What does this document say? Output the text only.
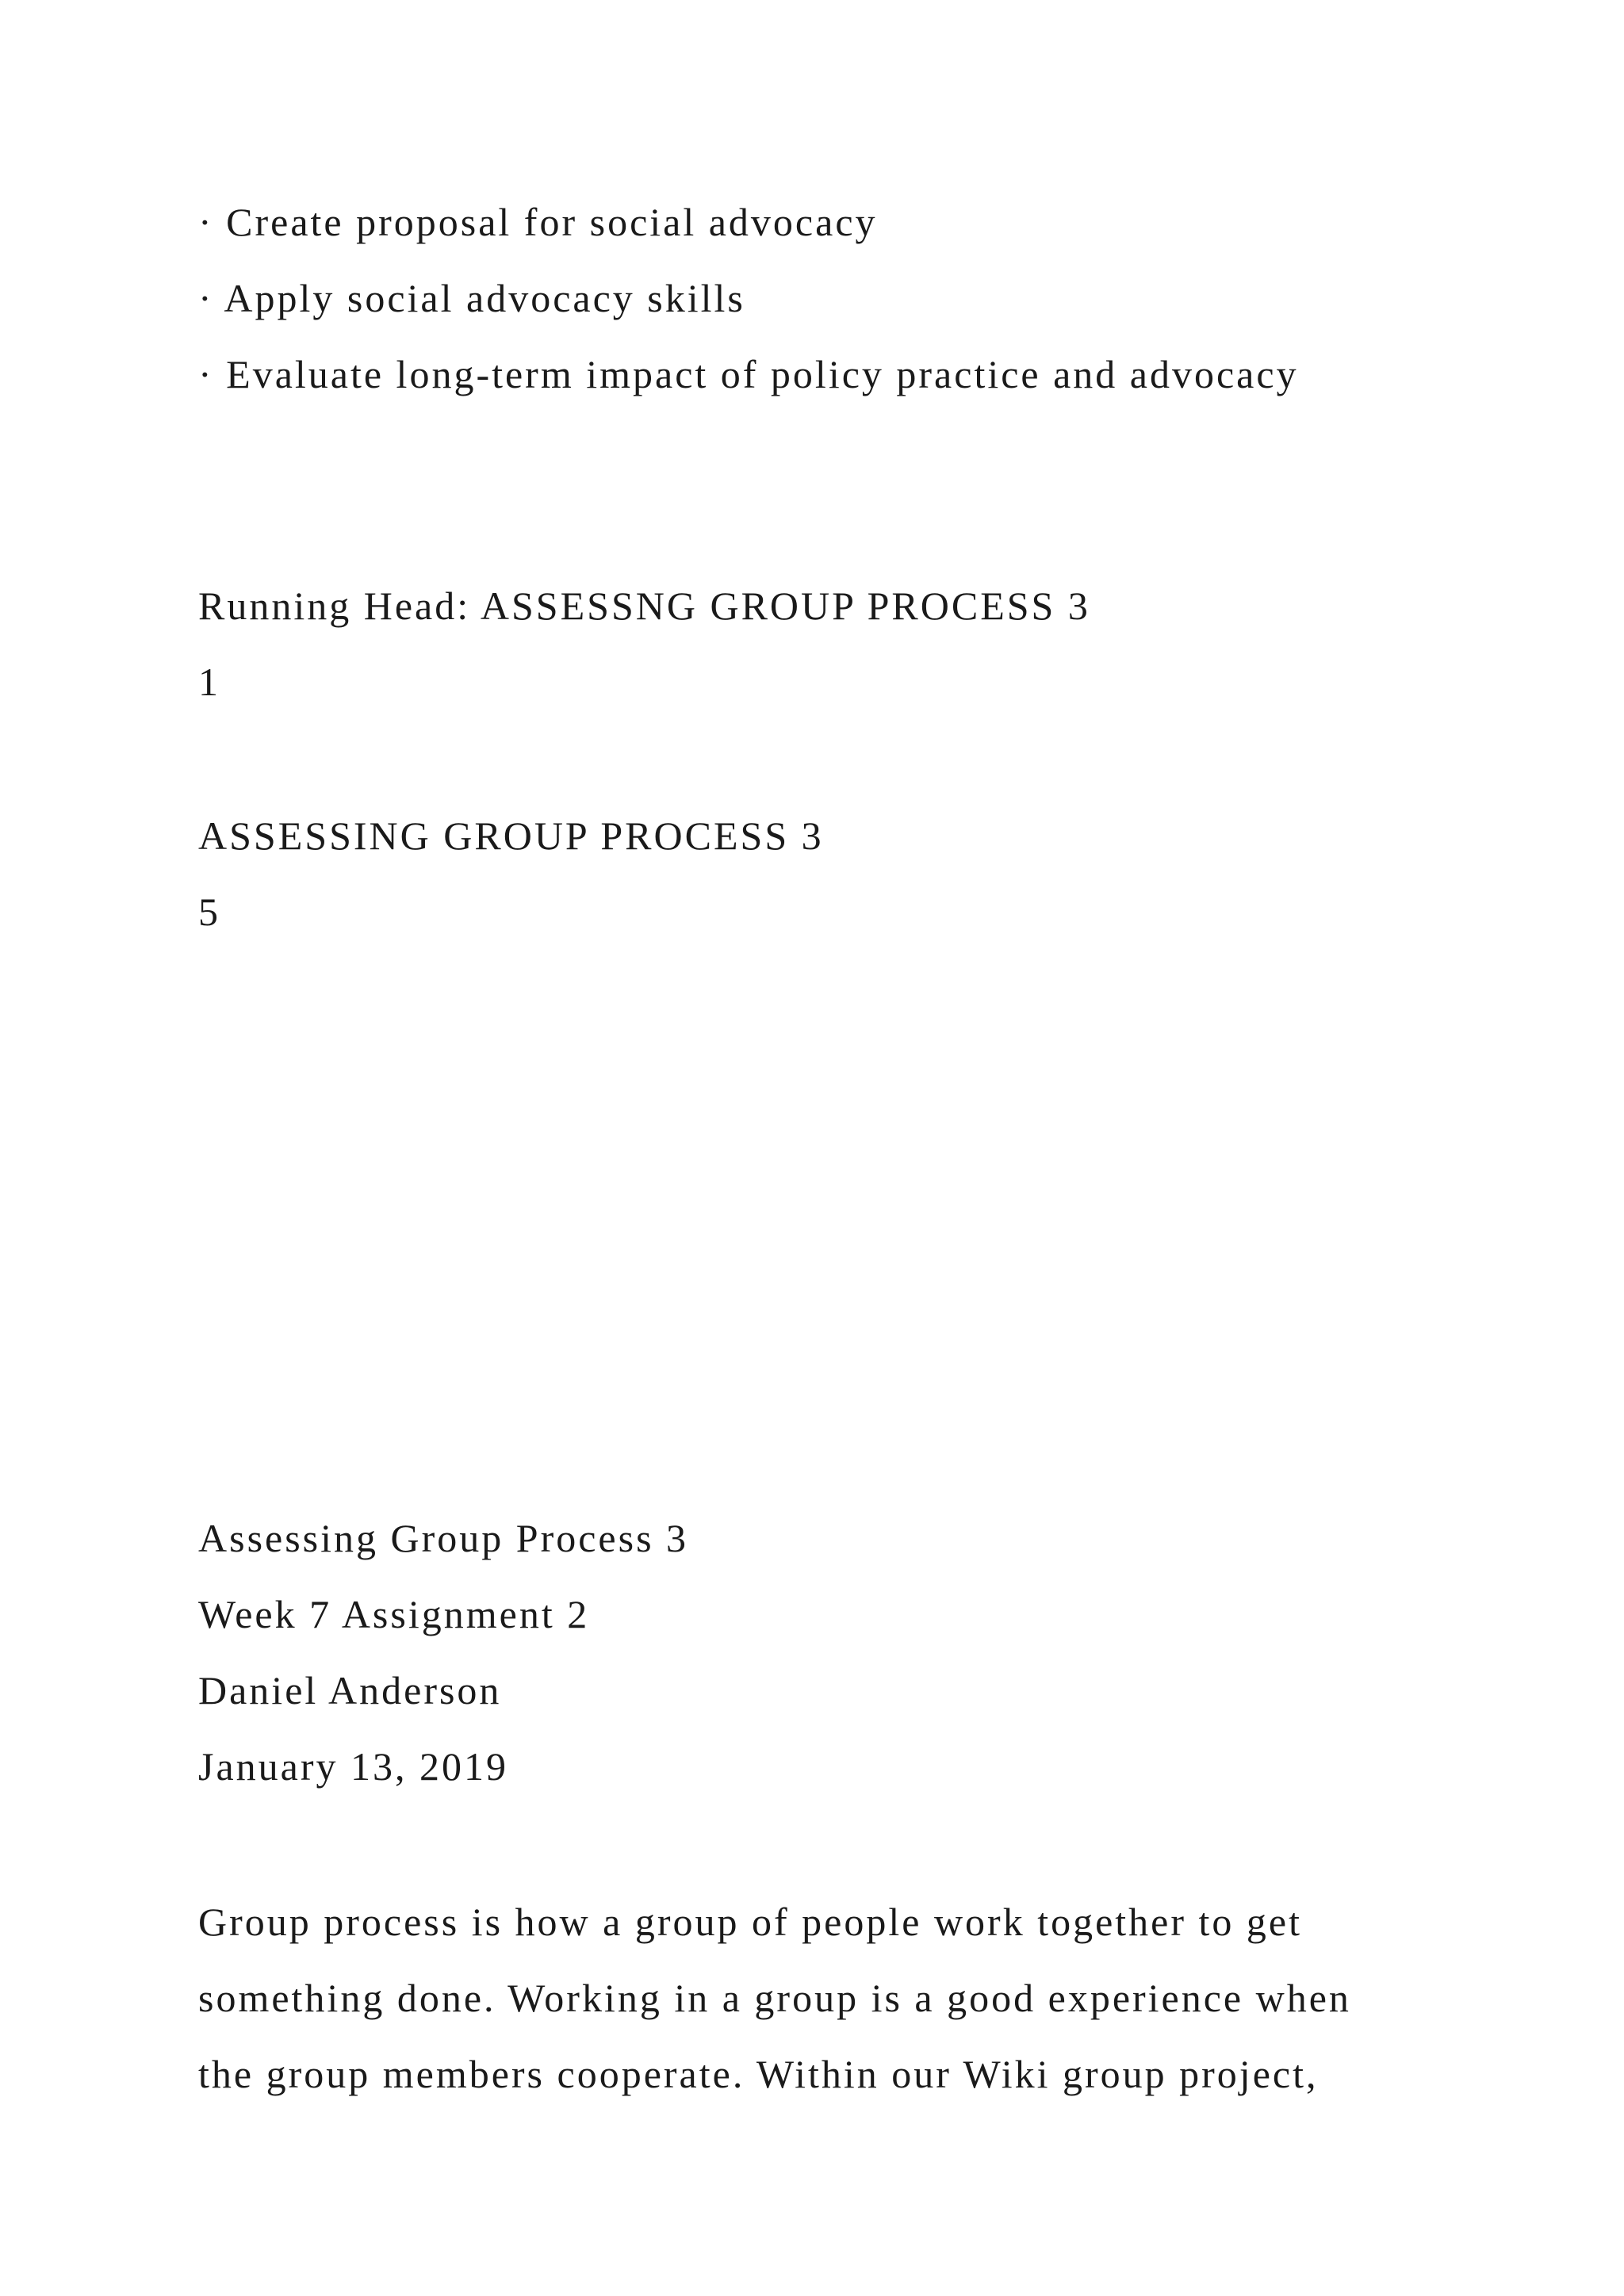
· Create proposal for social advocacy

· Apply social advocacy skills

· Evaluate long-term impact of policy practice and advocacy

Running Head: ASSESSNG GROUP PROCESS 3

1

ASSESSING GROUP PROCESS 3

5

Assessing Group Process 3

Week 7 Assignment 2

Daniel Anderson

January 13, 2019

Group process is how a group of people work together to get

something done. Working in a group is a good experience when

the group members cooperate. Within our Wiki group project,
